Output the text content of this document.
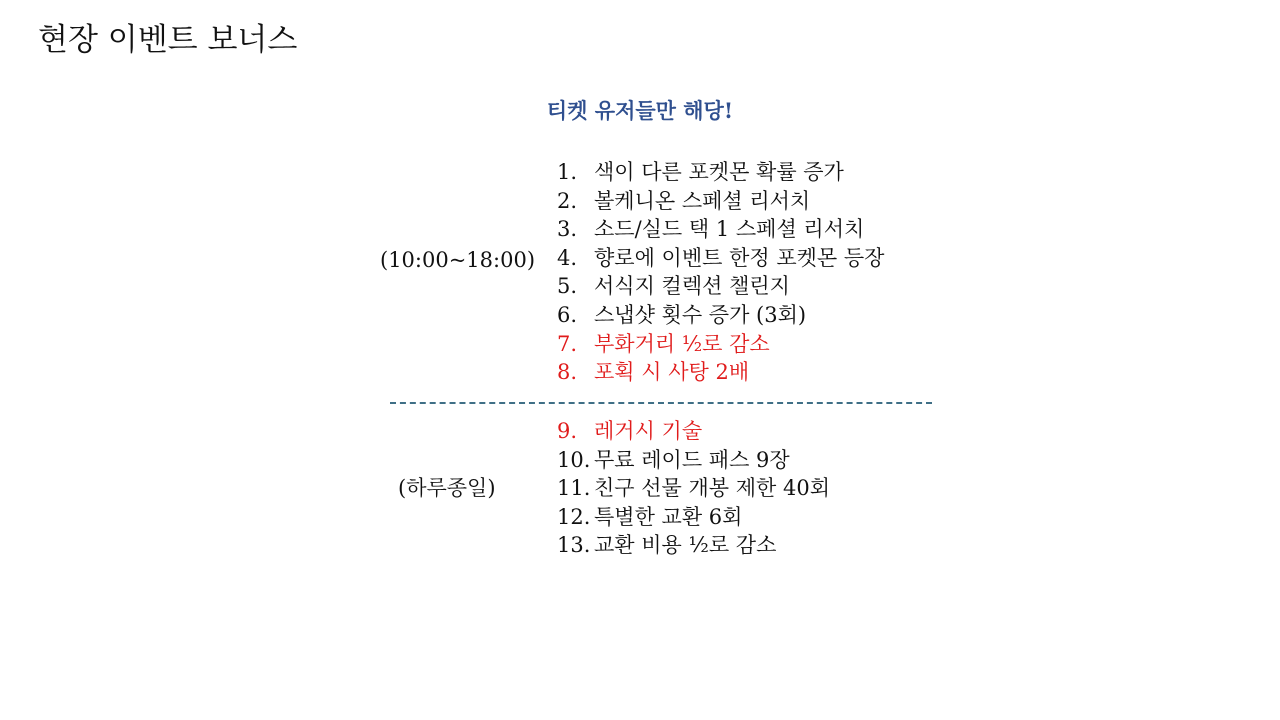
현장 이벤트 보너스
티켓 유저들만 해당!
(10:00~18:00)
1. 색이 다른 포켓몬 확률 증가
2. 볼케니온 스페셜 리서치
3. 소드/실드 택 1 스페셜 리서치
4. 향로에 이벤트 한정 포켓몬 등장
5. 서식지 컬렉션 챌린지
6. 스냅샷 횟수 증가 (3회)
7. 부화거리 ½로 감소
8. 포획 시 사탕 2배
(하루종일)
9. 레거시 기술
10. 무료 레이드 패스 9장
11. 친구 선물 개봉 제한 40회
12. 특별한 교환 6회
13. 교환 비용 ½로 감소
